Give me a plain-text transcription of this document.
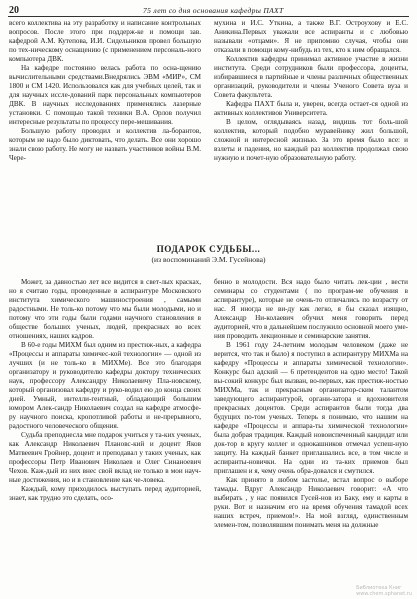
20	75 лет со дня основания кафедры ПАХТ

всего коллектива на эту разработку и написание контрольных вопросов. После этого при поддерж-ке и помощи зав. кафедрой А.М. Кутепова, И.И. Сидельников провел большую по тех-ническому оснащению (с применением персональ-ного компьютера ДВК.

На кафедре постоянно велась работа по осна-щению вычислительными средствами.Внедрялись ЭВМ «МИР», СМ 1800 и СМ 1420. Использовался как для учебных целей, так и для научных иссле-дований парк персональных компьютеров ДВК. В научных исследованиях применялись лазерные установки. С помощью такой техники В.А. Орлов получил интересные результаты по процессу пере-мешивания.

Большую работу проводил и коллектив ла-борантов, которым не надо было диктовать, что делать. Все они хорошо знали свою работу. Не могу не назвать участников войны В.М. Чере-

мухина и И.С. Уткина, а также В.Г. Остроухову и Е.С. Аникина.Первых уважали все аспиранты и с любовью называли «отцами». Я не припомню случая, чтобы они отказали в помощи кому-нибудь из тех, кто к ним обращался.

Коллектив кафедры принимал активное участие в жизни института. Среди сотрудников были профессора, доценты, избиравшиеся в партийные и члены различных общественных организаций, руководители и члены Ученого Совета вуза и Совета факультета.

Кафедра ПАХТ была и, уверен, всегда остает-ся одной из активных коллективов Университета.

В целом, оглядываясь назад, видишь тот боль-шой коллектив, который подобно муравейнику жил большой, сложной и интересной жизнью. За это время было все: и взлеты и падения, но каждый раз коллектив продолжал свою нужную и почет-ную образовательную работу.

ПОДАРОК СУДЬБЫ...
(из воспоминаний Э.М. Гусейнова)

Может, за давностью лет все видится в свет-лых красках, но я считаю годы, проведенные в аспирантуре Московского института химического машиностроения , самыми радостными. Не толь-ко потому что мы были молодыми, но и потому что эти годы были годами научного становления в обществе больших ученых, людей, прекрасных во всех отношениях, наших кадров.

В 60-е годы МИХМ был одним из престиж-ных, а кафедра «Процессы и аппараты химичес-кой технологии» — одной из лучших (и не толь-ко в МИХМе). Все это благодаря организатору и руководителю кафедры доктору технических наук, профессору Александру Николаевичу Пла-новскому, который организовал кафедру и руко-водил ею до конца своих дней. Умный, интелли-гентный, обладающий большим юмором Алек-сандр Николаевич создал на кафедре атмосфе-ру научного поиска, кропотливой работы и не-прерывного, радостного человеческого общения.

Судьба преподнесла мне подарок учиться у та-ких ученых, как Александр Николаевич Плановс-кий и доцент Яков Матвеевич Гройнер, доцент и преподавал у таких ученых, как профессоры Петр Иванович Николаев и Олег Синаноевич Чехов. Каж-дый из них внес свой вклад не только в мои науч-ные достижения, но и в становление как че-ловека.

Каждый, кому приходилось выступать перед аудиторией, знает, как трудно это сделать, осо-

бенно в молодости. Вся надо было читать лек-ции , вести семинары со студентами ( по програм-ме обучения в аспирантуре), которые не очень-то отличались по возрасту от нас. Я иногда не ви-ду как легко, я бы сказал изящно, Александр Ни-колаевич обучил меня говорить перед аудиторией, что в дальнейшем послужило основной моего уме-ния проводить лекционные и семинарские занятия.

В 1961 году 24-летним молодым человеком (даже не верится, что так и было) я поступил в аспирантуру МИХМа на кафедру «Процессы и аппараты химической технологии». Конкурс был адский — 6 претендентов на одно место! Такой вы-сокий конкурс был вызван, во-первых, как престиж-ностью МИХМа, так и прекрасным организатор-ским талантом заведующего аспирантурой, органи-затора и вдохновителя прекрасных доцентов. Среди аспирантов были тогда два будущих по-том ученых. Теперь я понимаю, что нашим на кафедре «Процессы и аппара-ты химической технологии» была добрая традиция. Каждый новоиспеченный кандидат или док-тор в кругу коллег и однокашников отмечал успеш-ную защиту. На каждый банкет приглашались все, в том числе и аспиранты-новички. На одни из та-ких приемов был приглашен и я, чему очень обра-довался и смутился.

Как принято в любом застолье, встал вопрос о выборе тамады. Вдруг Александр Николаевич говорит: «А что выбирать , у нас появился Гусей-нов из Баку, ему и карты в руки. Вот и назначим его на время обучения тамадой всех наших встреч, приемов!». На мой взгляд, единственным элемен-том, позволявшим понимать меня на должные

Библиотека Книг
www.chem.sphanet.ru
